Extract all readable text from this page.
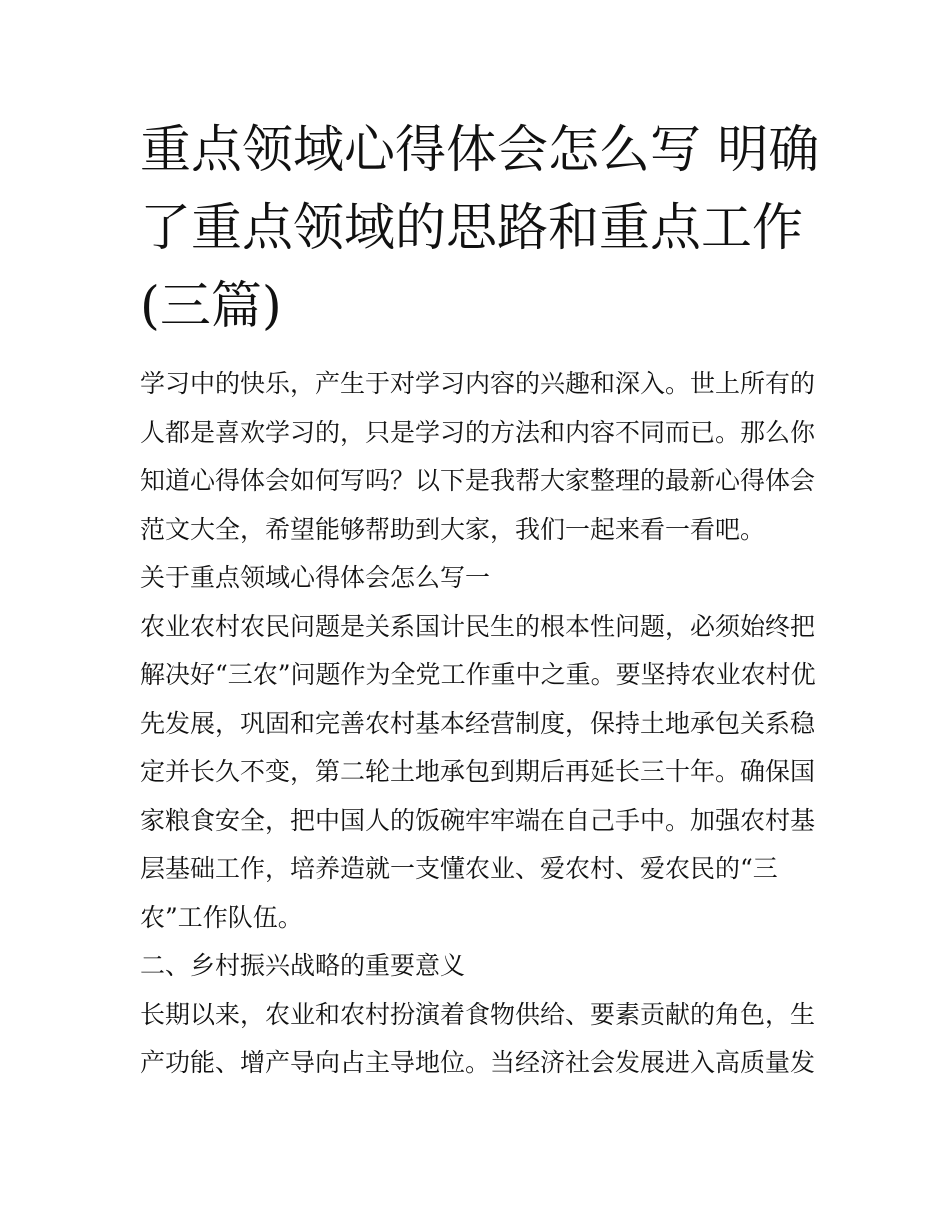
重点领域心得体会怎么写 明确
了重点领域的思路和重点工作
(三篇)

学习中的快乐，产生于对学习内容的兴趣和深入。世上所有的
人都是喜欢学习的，只是学习的方法和内容不同而已。那么你
知道心得体会如何写吗？以下是我帮大家整理的最新心得体会
范文大全，希望能够帮助到大家，我们一起来看一看吧。

关于重点领域心得体会怎么写一

农业农村农民问题是关系国计民生的根本性问题，必须始终把
解决好“三农”问题作为全党工作重中之重。要坚持农业农村优
先发展，巩固和完善农村基本经营制度，保持土地承包关系稳
定并长久不变，第二轮土地承包到期后再延长三十年。确保国
家粮食安全，把中国人的饭碗牢牢端在自己手中。加强农村基
层基础工作，培养造就一支懂农业、爱农村、爱农民的“三
农”工作队伍。

二、乡村振兴战略的重要意义

长期以来，农业和农村扮演着食物供给、要素贡献的角色，生
产功能、增产导向占主导地位。当经济社会发展进入高质量发
